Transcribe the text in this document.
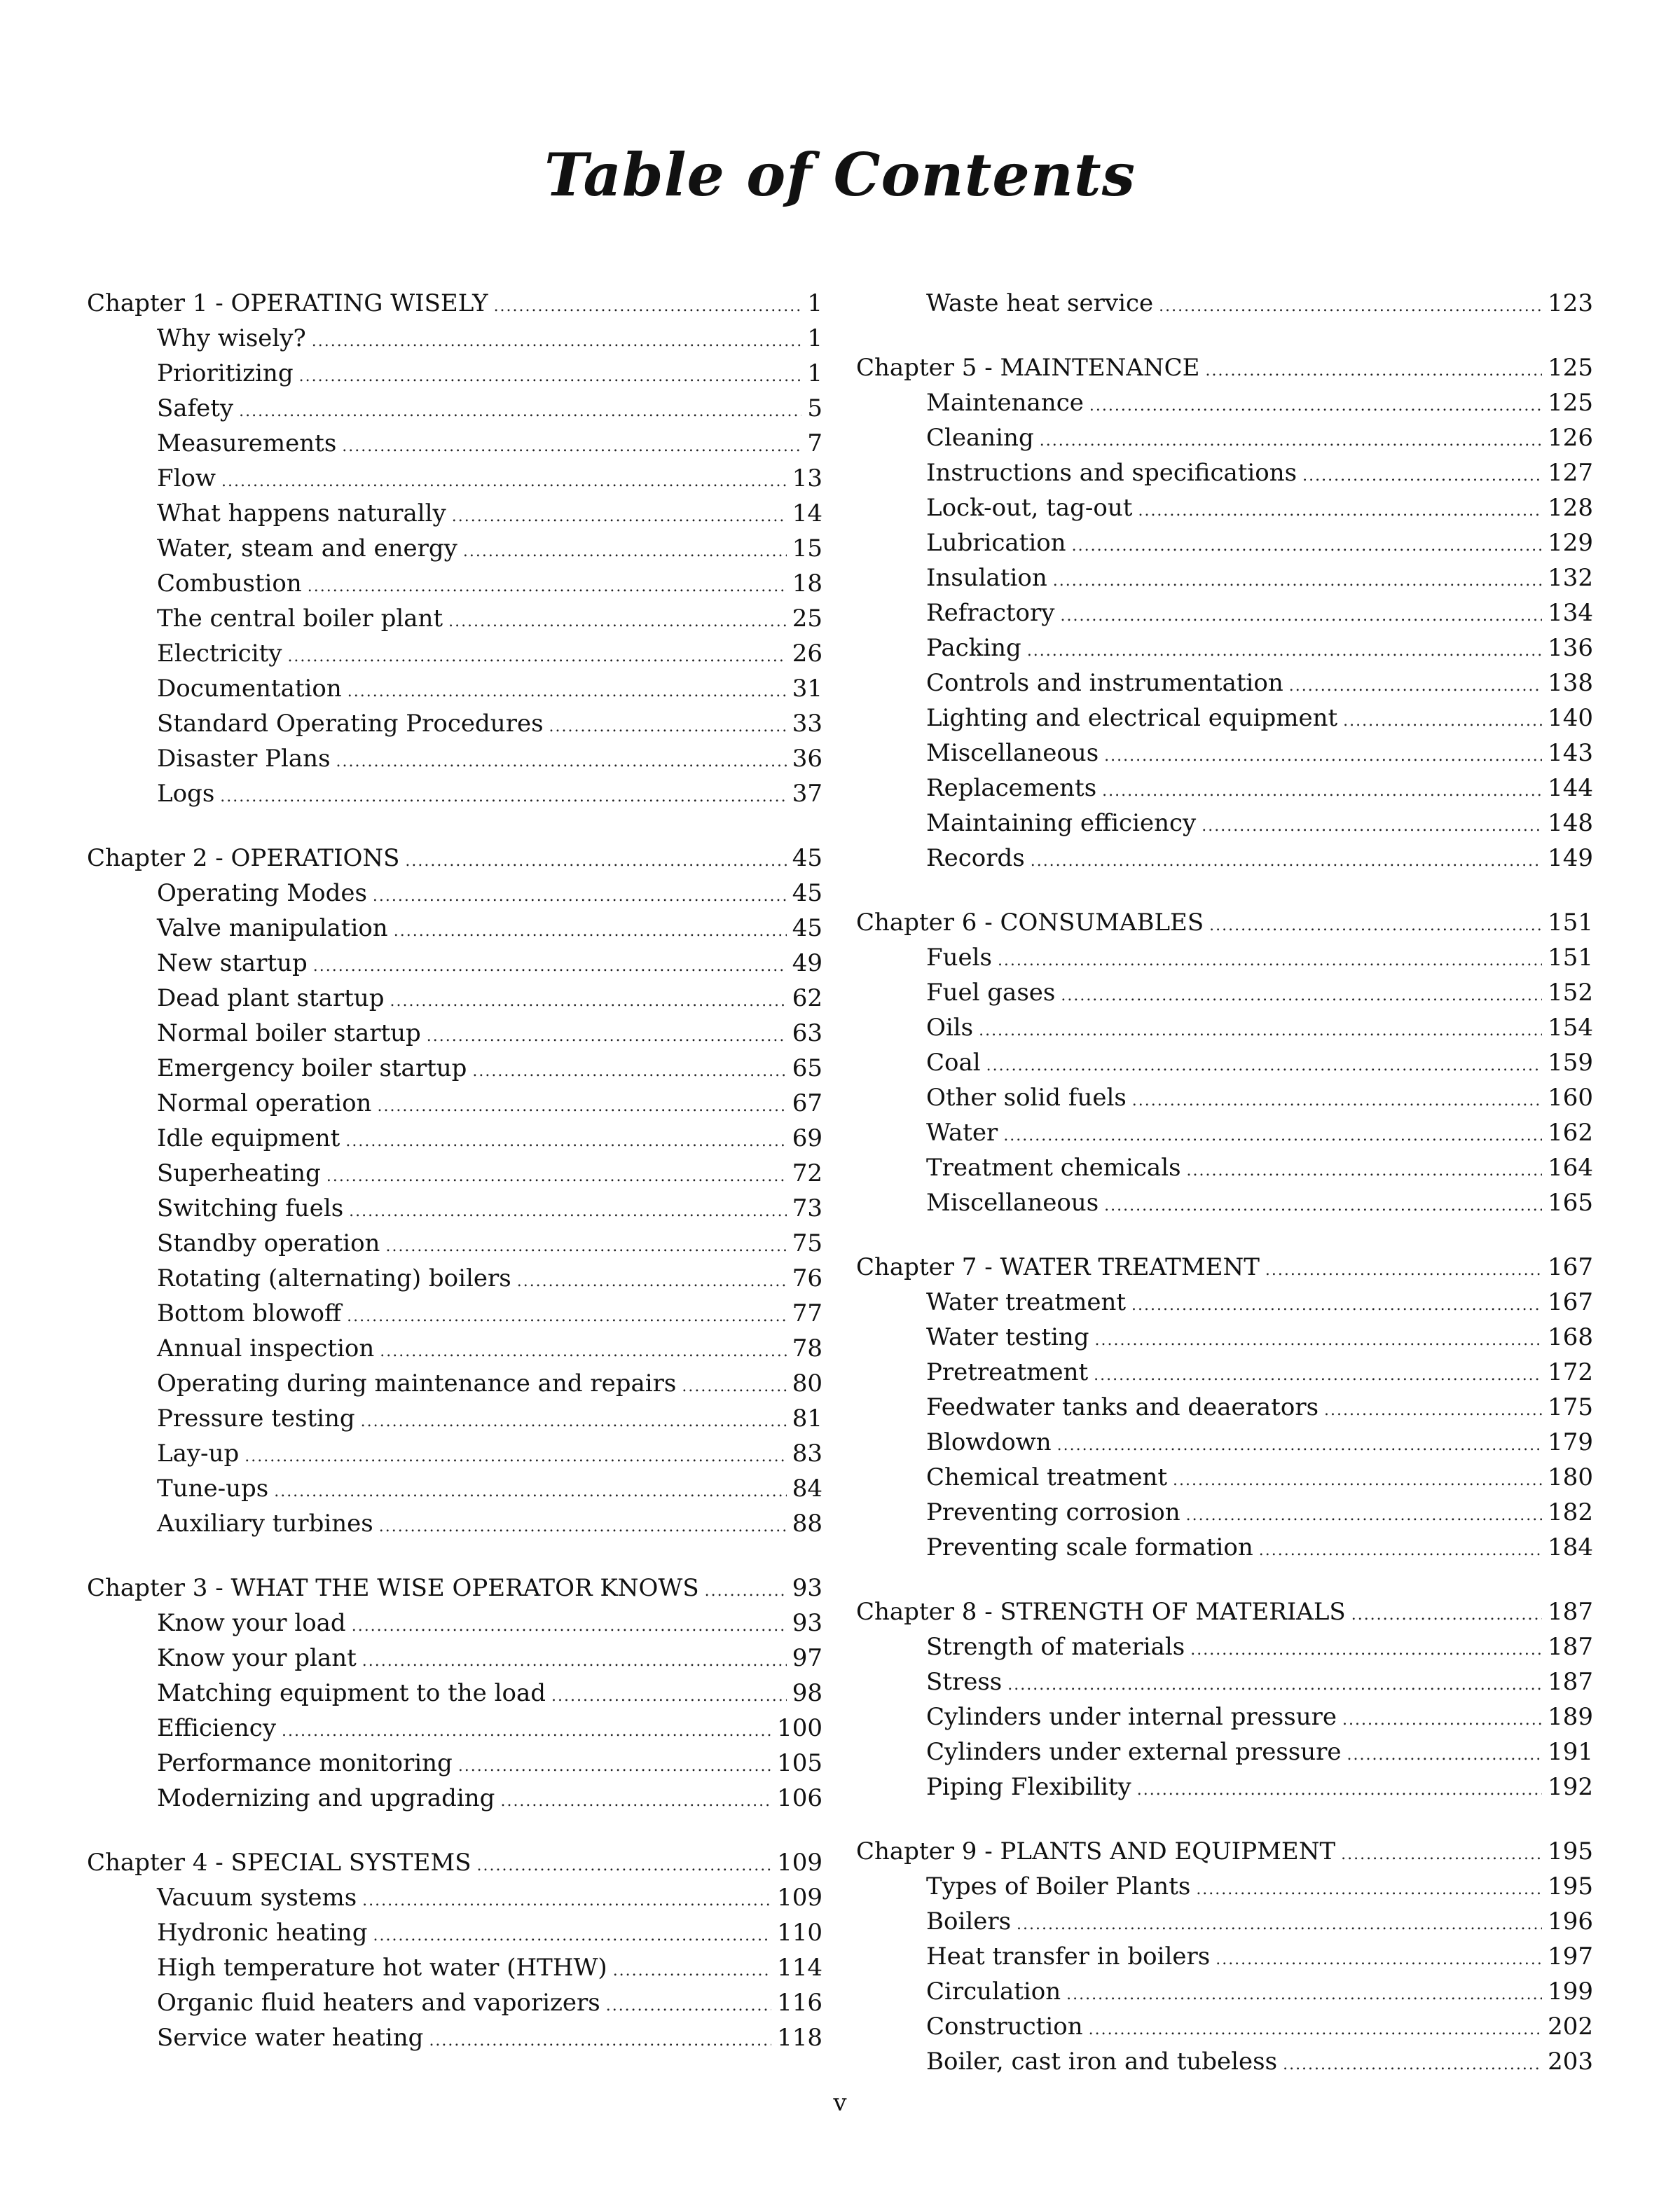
Table of Contents
Chapter 1 - OPERATING WISELY .....	1
Why wisely? .....	1
Prioritizing .....	1
Safety .....	5
Measurements .....	7
Flow .....	13
What happens naturally .....	14
Water, steam and energy .....	15
Combustion .....	18
The central boiler plant .....	25
Electricity .....	26
Documentation .....	31
Standard Operating Procedures .....	33
Disaster Plans .....	36
Logs .....	37
Chapter 2 - OPERATIONS .....	45
Operating Modes .....	45
Valve manipulation .....	45
New startup .....	49
Dead plant startup .....	62
Normal boiler startup .....	63
Emergency boiler startup .....	65
Normal operation .....	67
Idle equipment .....	69
Superheating .....	72
Switching fuels .....	73
Standby operation .....	75
Rotating (alternating) boilers .....	76
Bottom blowoff .....	77
Annual inspection .....	78
Operating during maintenance and repairs .....	80
Pressure testing .....	81
Lay-up .....	83
Tune-ups .....	84
Auxiliary turbines .....	88
Chapter 3 - WHAT THE WISE OPERATOR KNOWS .....	93
Know your load .....	93
Know your plant .....	97
Matching equipment to the load .....	98
Efficiency .....	100
Performance monitoring .....	105
Modernizing and upgrading .....	106
Chapter 4 - SPECIAL SYSTEMS .....	109
Vacuum systems .....	109
Hydronic heating .....	110
High temperature hot water (HTHW) .....	114
Organic fluid heaters and vaporizers .....	116
Service water heating .....	118
Waste heat service .....	123
Chapter 5 - MAINTENANCE .....	125
Maintenance .....	125
Cleaning .....	126
Instructions and specifications .....	127
Lock-out, tag-out .....	128
Lubrication .....	129
Insulation .....	132
Refractory .....	134
Packing .....	136
Controls and instrumentation .....	138
Lighting and electrical equipment .....	140
Miscellaneous .....	143
Replacements .....	144
Maintaining efficiency .....	148
Records .....	149
Chapter 6 - CONSUMABLES .....	151
Fuels .....	151
Fuel gases .....	152
Oils .....	154
Coal .....	159
Other solid fuels .....	160
Water .....	162
Treatment chemicals .....	164
Miscellaneous .....	165
Chapter 7 - WATER TREATMENT .....	167
Water treatment .....	167
Water testing .....	168
Pretreatment .....	172
Feedwater tanks and deaerators .....	175
Blowdown .....	179
Chemical treatment .....	180
Preventing corrosion .....	182
Preventing scale formation .....	184
Chapter 8 - STRENGTH OF MATERIALS .....	187
Strength of materials .....	187
Stress .....	187
Cylinders under internal pressure .....	189
Cylinders under external pressure .....	191
Piping Flexibility .....	192
Chapter 9 - PLANTS AND EQUIPMENT .....	195
Types of Boiler Plants .....	195
Boilers .....	196
Heat transfer in boilers .....	197
Circulation .....	199
Construction .....	202
Boiler, cast iron and tubeless .....	203
v
